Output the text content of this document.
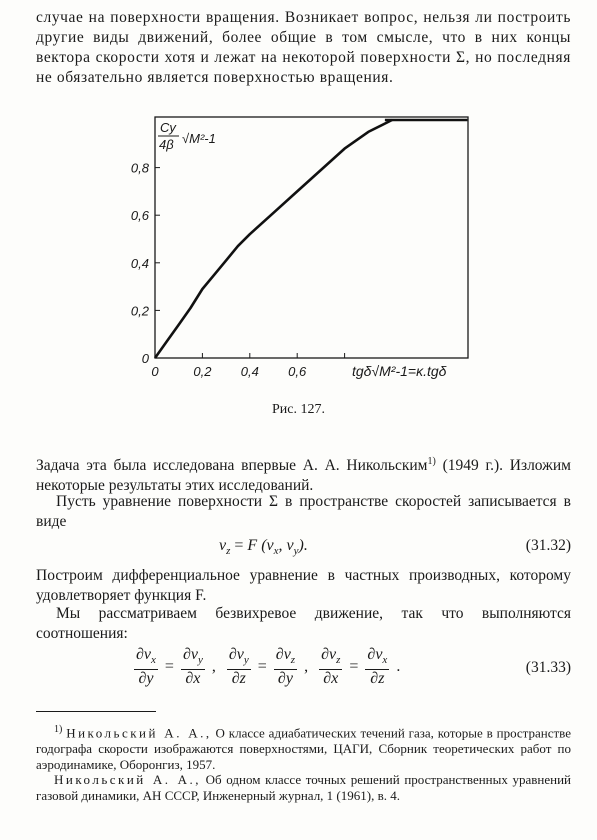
случае на поверхности вращения. Возникает вопрос, нельзя ли построить другие виды движений, более общие в том смысле, что в них концы вектора скорости хотя и лежат на некоторой поверхности Σ, но последняя не обязательно является поверхностью вращения.

0	0,2 0,4 0,6
0
0,2
0,4
0,6
0,8
Cy
4β √M²-1
tgδ√M²-1=κ.tgδ
Рис. 127.

Задача эта была исследована впервые А. А. Никольским$^{1)}$ (1949 г.). Изложим некоторые результаты этих исследований.

Пусть уравнение поверхности Σ в пространстве скоростей записывается в виде

$v_z = F$ ($v_x$, $v_y$).	(31.32)

Построим дифференциальное уравнение в частных производных, которому удовлетворяет функция F.

Мы рассматриваем безвихревое движение, так что выполняются соотношения:

$\frac{\partial v_x}{\partial y} = \frac{\partial v_y}{\partial x}$ , $\frac{\partial v_y}{\partial z} = \frac{\partial v_z}{\partial y}$ , $\frac{\partial v_z}{\partial x} = \frac{\partial v_x}{\partial z}$ .	(31.33)

$^{1)}$ Никольский А. А., О классе адиабатических течений газа, которые в пространстве годографа скорости изображаются поверхностями, ЦАГИ, Сборник теоретических работ по аэродинамике, Оборонгиз, 1957.

Никольский А. А., Об одном классе точных решений пространственных уравнений газовой динамики, АН СССР, Инженерный журнал, 1 (1961), в. 4.
